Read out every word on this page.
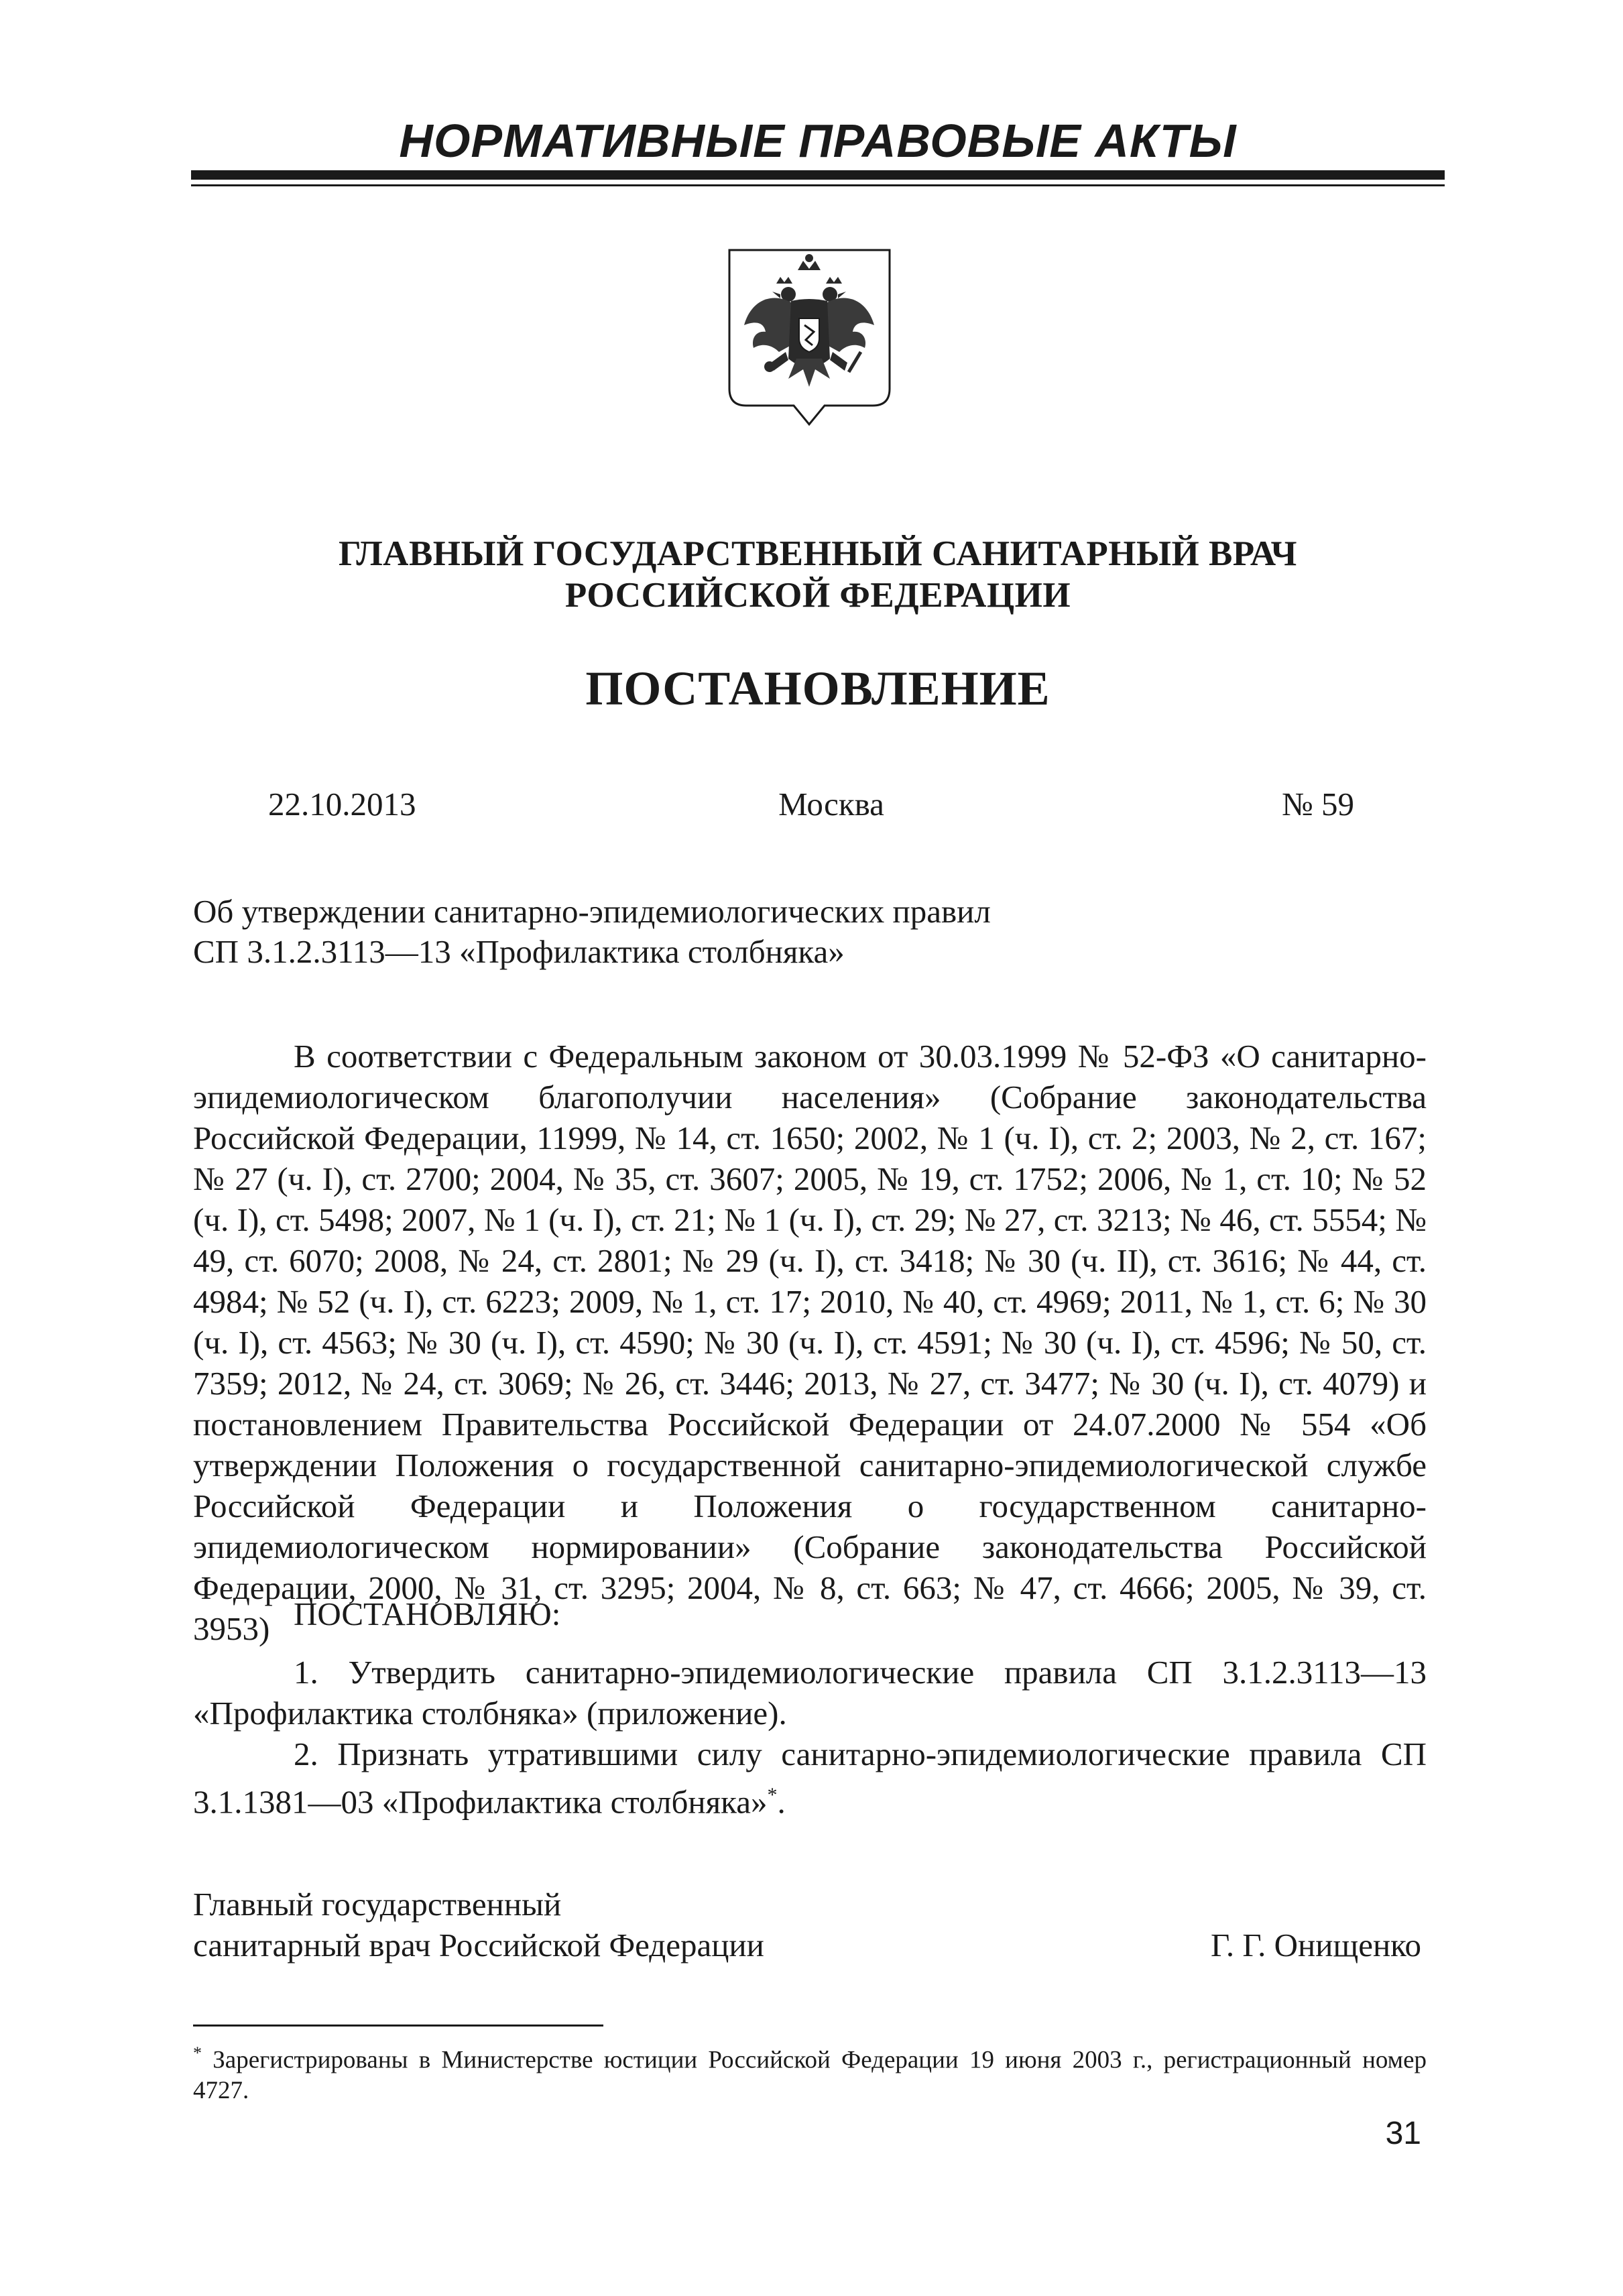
НОРМАТИВНЫЕ ПРАВОВЫЕ АКТЫ
ГЛАВНЫЙ ГОСУДАРСТВЕННЫЙ САНИТАРНЫЙ ВРАЧ
РОССИЙСКОЙ ФЕДЕРАЦИИ
ПОСТАНОВЛЕНИЕ
22.10.2013	Москва	№ 59
Об утверждении санитарно-эпидемиологических правил
СП 3.1.2.3113—13 «Профилактика столбняка»
В соответствии с Федеральным законом от 30.03.1999 № 52-ФЗ «О санитарно-эпидемиологическом благополучии населения» (Собрание законодательства Российской Федерации, 11999, № 14, ст. 1650; 2002, № 1 (ч. I), ст. 2; 2003, № 2, ст. 167; № 27 (ч. I), ст. 2700; 2004, № 35, ст. 3607; 2005, № 19, ст. 1752; 2006, № 1, ст. 10; № 52 (ч. I), ст. 5498; 2007, № 1 (ч. I), ст. 21; № 1 (ч. I), ст. 29; № 27, ст. 3213; № 46, ст. 5554; № 49, ст. 6070; 2008, № 24, ст. 2801; № 29 (ч. I), ст. 3418; № 30 (ч. II), ст. 3616; № 44, ст. 4984; № 52 (ч. I), ст. 6223; 2009, № 1, ст. 17; 2010, № 40, ст. 4969; 2011, № 1, ст. 6; № 30 (ч. I), ст. 4563; № 30 (ч. I), ст. 4590; № 30 (ч. I), ст. 4591; № 30 (ч. I), ст. 4596; № 50, ст. 7359; 2012, № 24, ст. 3069; № 26, ст. 3446; 2013, № 27, ст. 3477; № 30 (ч. I), ст. 4079) и постановлением Правительства Российской Федерации от 24.07.2000 № 554 «Об утверждении Положения о государственной санитарно-эпидемиологической службе Российской Федерации и Положения о государственном санитарно-эпидемиологическом нормировании» (Собрание законодательства Российской Федерации, 2000, № 31, ст. 3295; 2004, № 8, ст. 663; № 47, ст. 4666; 2005, № 39, ст. 3953) ПОСТАНОВЛЯЮ:
1. Утвердить санитарно-эпидемиологические правила СП 3.1.2.3113—13 «Профилактика столбняка» (приложение).
2. Признать утратившими силу санитарно-эпидемиологические правила СП 3.1.1381—03 «Профилактика столбняка»*.
Главный государственный
санитарный врач Российской Федерации	Г. Г. Онищенко
* Зарегистрированы в Министерстве юстиции Российской Федерации 19 июня 2003 г., регистрационный номер 4727.
31
